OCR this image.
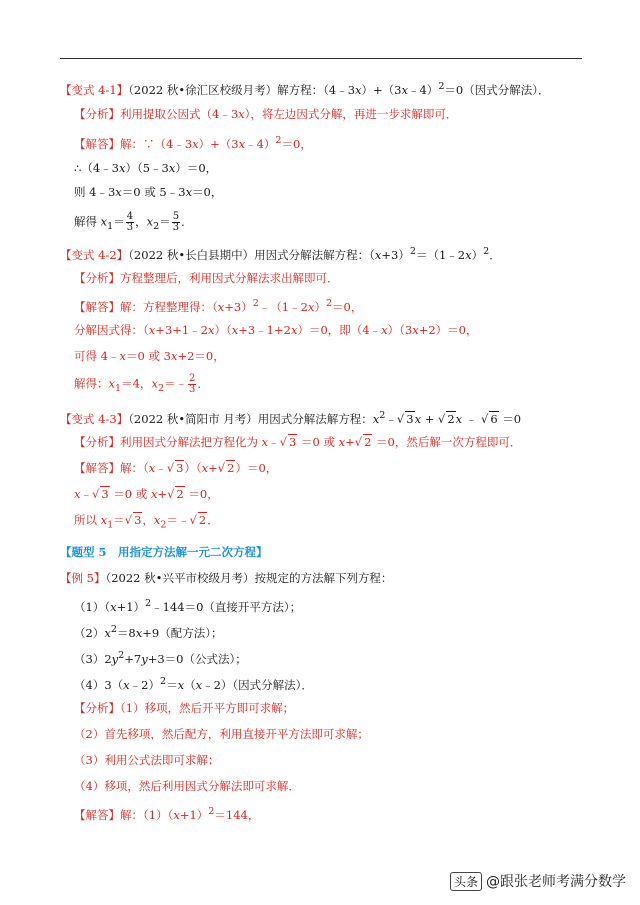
【变式 4-1】（2022 秋•徐汇区校级月考）解方程：（4﹣3x）+（3x﹣4）$^2$＝0（因式分解法）．
【分析】利用提取公因式（4﹣3x），将左边因式分解，再进一步求解即可．
【解答】解：∵（4﹣3x）+（3x﹣4）$^2$＝0，
∴（4﹣3x）（5﹣3x）＝0，
则 4﹣3x＝0 或 5﹣3x＝0，
解得 $x_1= \frac{4}{3}$ ，$x_2= \frac{5}{3}$ ．
【变式 4-2】（2022 秋•长白县期中）用因式分解法解方程：$(x+3)^2=(1﹣2x)^2$．
【分析】方程整理后，利用因式分解法求出解即可．
【解答】解：方程整理得：$(x+3)^2﹣(1﹣2x)^2=0$，
分解因式得：（x+3+1﹣2x）（x+3﹣1+2x）＝0，即（4﹣x）（3x+2）＝0，
可得 4﹣x＝0 或 3x+2＝0，
解得：$x_1=4$，$x_2=﹣ \frac{2}{3}$ ．
【变式 4-3】（2022 秋•简阳市 月考）用因式分解法解方程：$x^2﹣√$ 3x + √ 2x ﹣ √ 6 ＝0
【分析】利用因式分解法把方程化为 x﹣√ 3 ＝0 或 x+√ 2 ＝0，然后解一次方程即可．
【解答】解：（x﹣√ 3）（x+√ 2）＝0，
x﹣√ 3 ＝0 或 x+√ 2 ＝0，
所以 $x_1=√$ 3，$x_2=﹣√$ 2．
【题型 5　用指定方法解一元二次方程】
【例 5】（2022 秋•兴平市校级月考）按规定的方法解下列方程：
$(1)(x+1)^2﹣144=0$（直接开平方法）；
$(2)x^2=8x+9$（配方法）；
$(3)2y^2+7y+3=0$（公式法）；
（4）3（x﹣2）$^2$＝x（x﹣2）（因式分解法）．
【分析】（1）移项，然后开平方即可求解；
（2）首先移项，然后配方，利用直接开平方法即可求解；
（3）利用公式法即可求解；
（4）移项，然后利用因式分解法即可求解．
【解答】解：$(1)(x+1)^2=144$，
头条 @跟张老师考满分数学
